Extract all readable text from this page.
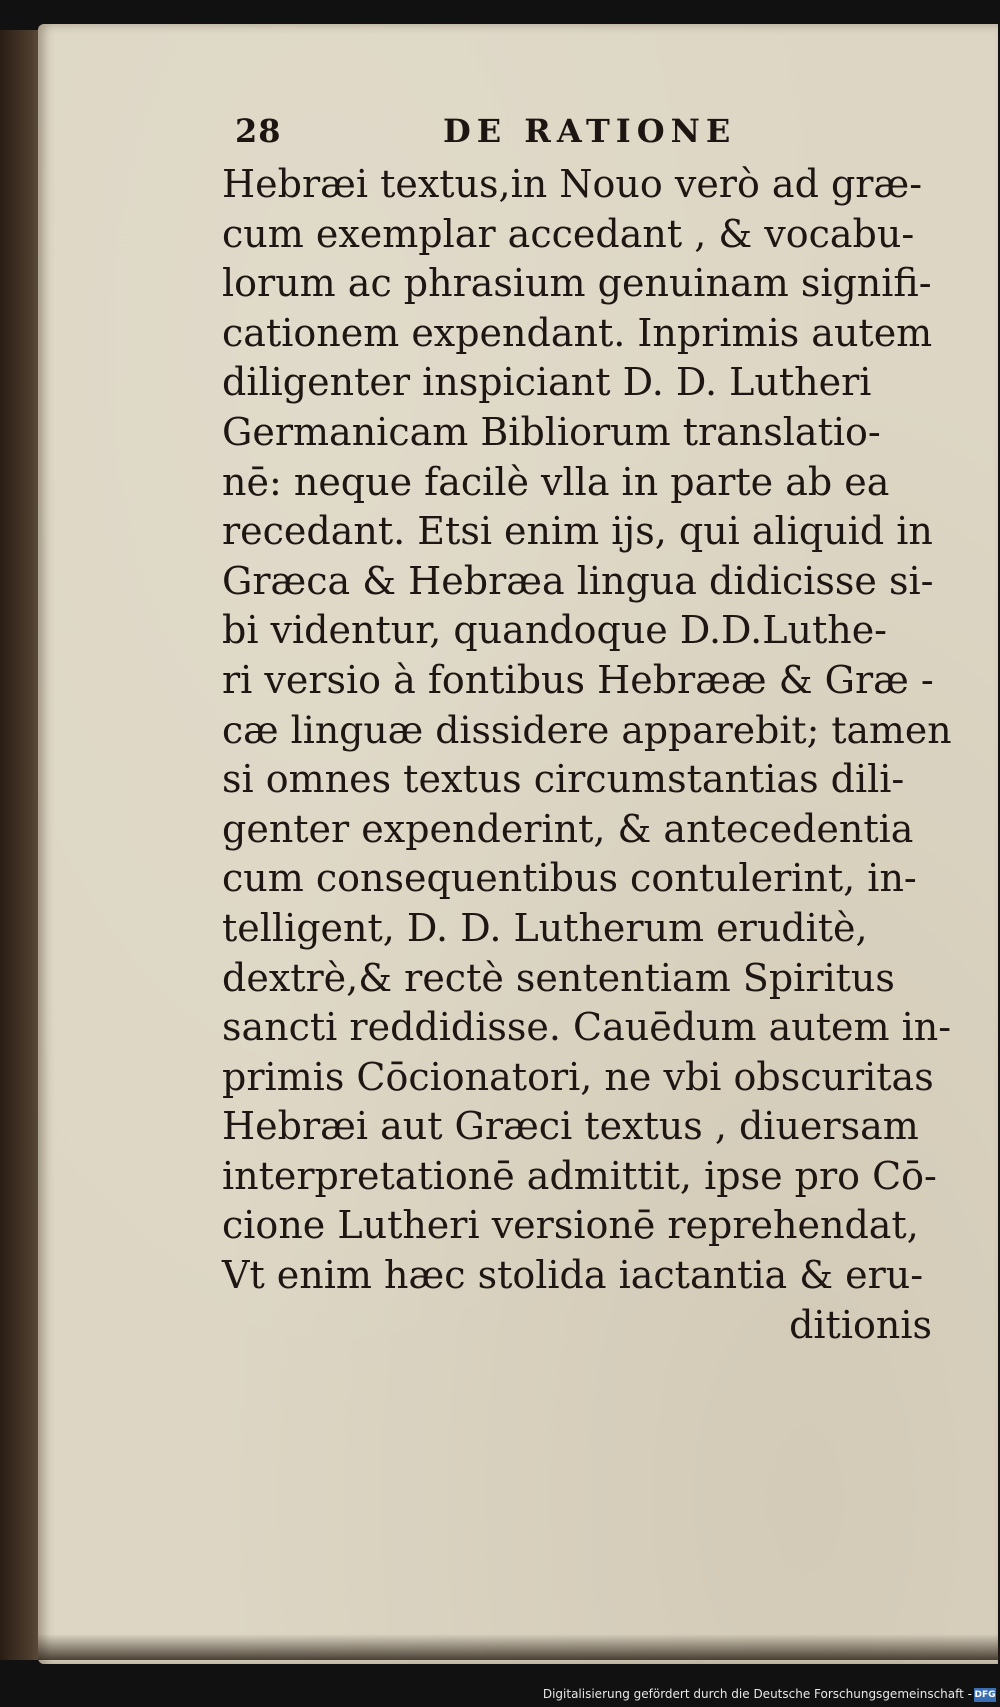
28	DE RATIONE
Hebræi textus,in Nouo verò ad græ-
cum exemplar accedant , & vocabu-
lorum ac phrasium genuinam signifi-
cationem expendant. Inprimis autem
diligenter inspiciant D. D. Lutheri
Germanicam Bibliorum translatio-
nē: neque facilè vlla in parte ab ea
recedant. Etsi enim ijs, qui aliquid in
Græca & Hebræa lingua didicisse si-
bi videntur, quandoque D.D.Luthe-
ri versio à fontibus Hebrææ & Græ -
cæ linguæ dissidere apparebit; tamen
si omnes textus circumstantias dili-
genter expenderint, & antecedentia
cum consequentibus contulerint, in-
telligent, D. D. Lutherum eruditè,
dextrè,& rectè sententiam Spiritus
sancti reddidisse. Cauēdum autem in-
primis Cōcionatori, ne vbi obscuritas
Hebræi aut Græci textus , diuersam
interpretationē admittit, ipse pro Cō-
cione Lutheri versionē reprehendat,
Vt enim hæc stolida iactantia & eru-
ditionis
Digitalisierung gefördert durch die Deutsche Forschungsgemeinschaft - DFG
